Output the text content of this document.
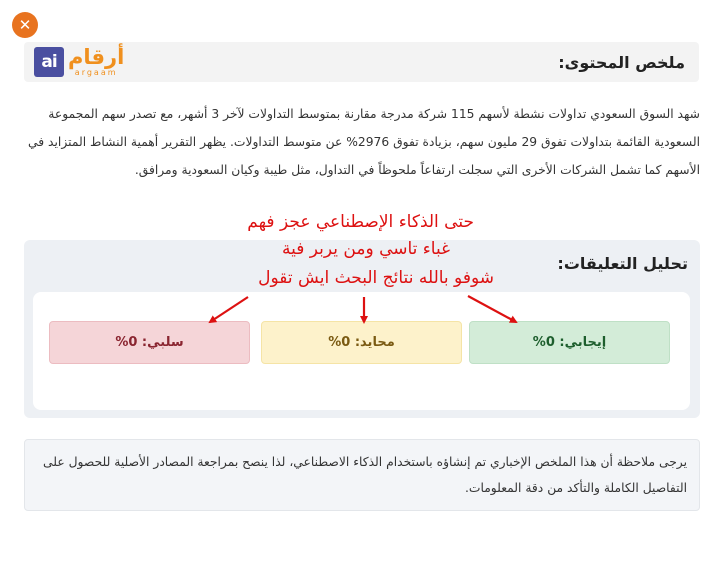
✕
ملخص المحتوى:
ai أرقام
argaam

شهد السوق السعودي تداولات نشطة لأسهم 115 شركة مدرجة مقارنة بمتوسط التداولات لآخر 3 أشهر، مع تصدر سهم المجموعة السعودية القائمة بتداولات تفوق 29 مليون سهم، بزيادة تفوق 2976% عن متوسط التداولات. يظهر التقرير أهمية النشاط المتزايد في الأسهم كما تشمل الشركات الأخرى التي سجلت ارتفاعاً ملحوظاً في التداول، مثل طيبة وكيان السعودية ومرافق.

تحليل التعليقات:
إيجابي: 0%
محايد: 0%
سلبي: 0%
حتى الذكاء الإصطناعي عجز فهم
غباء تاسي ومن يربر فية
شوفو بالله نتائج البحث ايش تقول
يرجى ملاحظة أن هذا الملخص الإخباري تم إنشاؤه باستخدام الذكاء الاصطناعي، لذا ينصح بمراجعة المصادر الأصلية للحصول على التفاصيل الكاملة والتأكد من دقة المعلومات.
